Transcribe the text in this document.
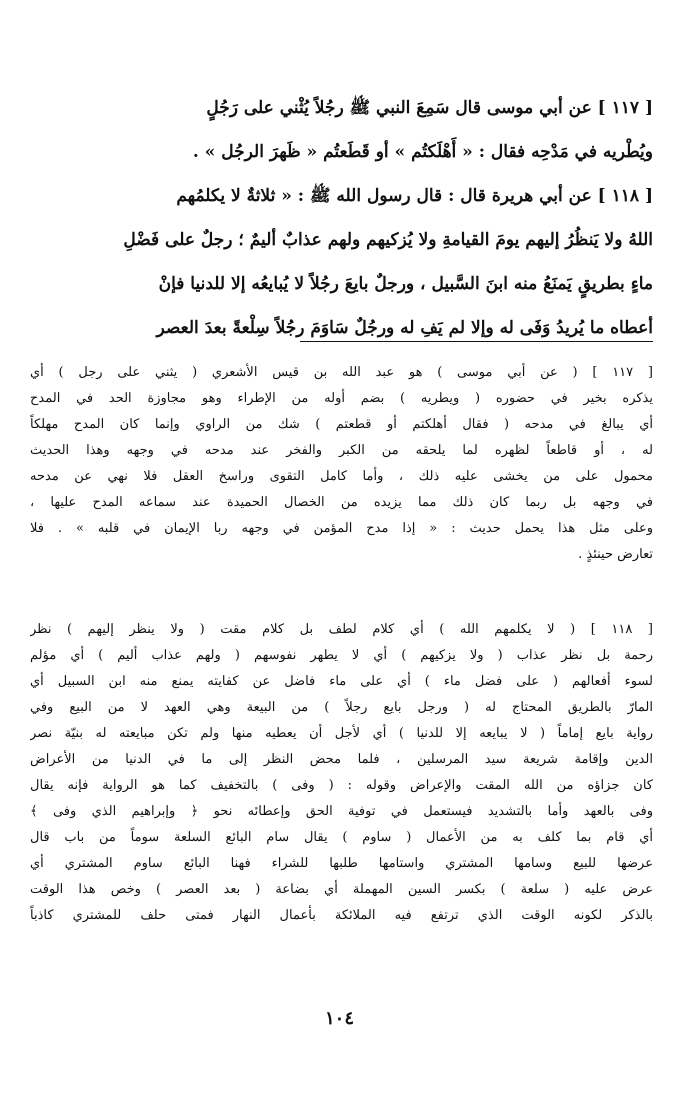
[ ١١٧ ] عن أبي موسى قال سَمِعَ النبي ﷺ رجُلاً يُثْني على رَجُلٍ
ويُطْريه في مَدْحِه فقال : « أَهْلَكتُم » أو قَطَعتُم « ظَهرَ الرجُل » .
[ ١١٨ ] عن أبي هريرة قال : قال رسول الله ﷺ : « ثلاثةٌ لا يكلمُهم
اللهُ ولا يَنظُرُ إليهم يومَ القيامةِ ولا يُزكيهم ولهم عذابٌ أليمٌ ؛ رجلٌ على فَضْلِ
ماءٍ بطريقٍ يَمنَعُ منه ابنَ السَّبيل ، ورجلٌ بايعَ رجُلاً لا يُبايعُه إلا للدنيا فإنْ
أعطاه ما يُريدُ وَفَى له وإلا لم يَفِ له ورجُلٌ سَاوَمَ رجُلاً سِلْعةً بعدَ العصر
[ ١١٧ ] ( عن أبي موسى ) هو عبد الله بن قيس الأشعري ( يثني على رجل ) أي
يذكره بخير في حضوره ( ويطريه ) بضم أوله من الإطراء وهو مجاوزة الحد في المدح
أي يبالغ في مدحه ( فقال أهلكتم أو قطعتم ) شك من الراوي وإنما كان المدح مهلكاً
له ، أو قاطعاً لظهره لما يلحقه من الكبر والفخر عند مدحه في وجهه وهذا الحديث
محمول على من يخشى عليه ذلك ، وأما كامل التقوى وراسخ العقل فلا نهي عن مدحه
في وجهه بل ربما كان ذلك مما يزيده من الخصال الحميدة عند سماعه المدح عليها ،
وعلى مثل هذا يحمل حديث : « إذا مدح المؤمن في وجهه ربا الإيمان في قلبه » . فلا
تعارض حينئذٍ .
[ ١١٨ ] ( لا يكلمهم الله ) أي كلام لطف بل كلام مقت ( ولا ينظر إليهم ) نظر
رحمة بل نظر عذاب ( ولا يزكيهم ) أي لا يطهر نفوسهم ( ولهم عذاب أليم ) أي مؤلم
لسوء أفعالهم ( على فضل ماء ) أي على ماء فاضل عن كفايته يمنع منه ابن السبيل أي
المارّ بالطريق المحتاج له ( ورجل بايع رجلاً ) من البيعة وهي العهد لا من البيع وفي
رواية بايع إماماً ( لا يبايعه إلا للدنيا ) أي لأجل أن يعطيه منها ولم تكن مبايعته له بنيّة نصر
الدين وإقامة شريعة سيد المرسلين ، فلما محض النظر إلى ما في الدنيا من الأعراض
كان جزاؤه من الله المقت والإعراض وقوله : ( وفى ) بالتخفيف كما هو الرواية فإنه يقال
وفى بالعهد وأما بالتشديد فيستعمل في توفية الحق وإعطائه نحو ﴿ وإبراهيم الذي وفى ﴾
أي قام بما كلف به من الأعمال ( ساوم ) يقال سام البائع السلعة سوماً من باب قال
عرضها للبيع وسامها المشتري واستامها طلبها للشراء فهنا البائع ساوم المشتري أي
عرض عليه ( سلعة ) بكسر السين المهملة أي بضاعة ( بعد العصر ) وخص هذا الوقت
بالذكر لكونه الوقت الذي ترتفع فيه الملائكة بأعمال النهار فمتى حلف للمشتري كاذباً
١٠٤
